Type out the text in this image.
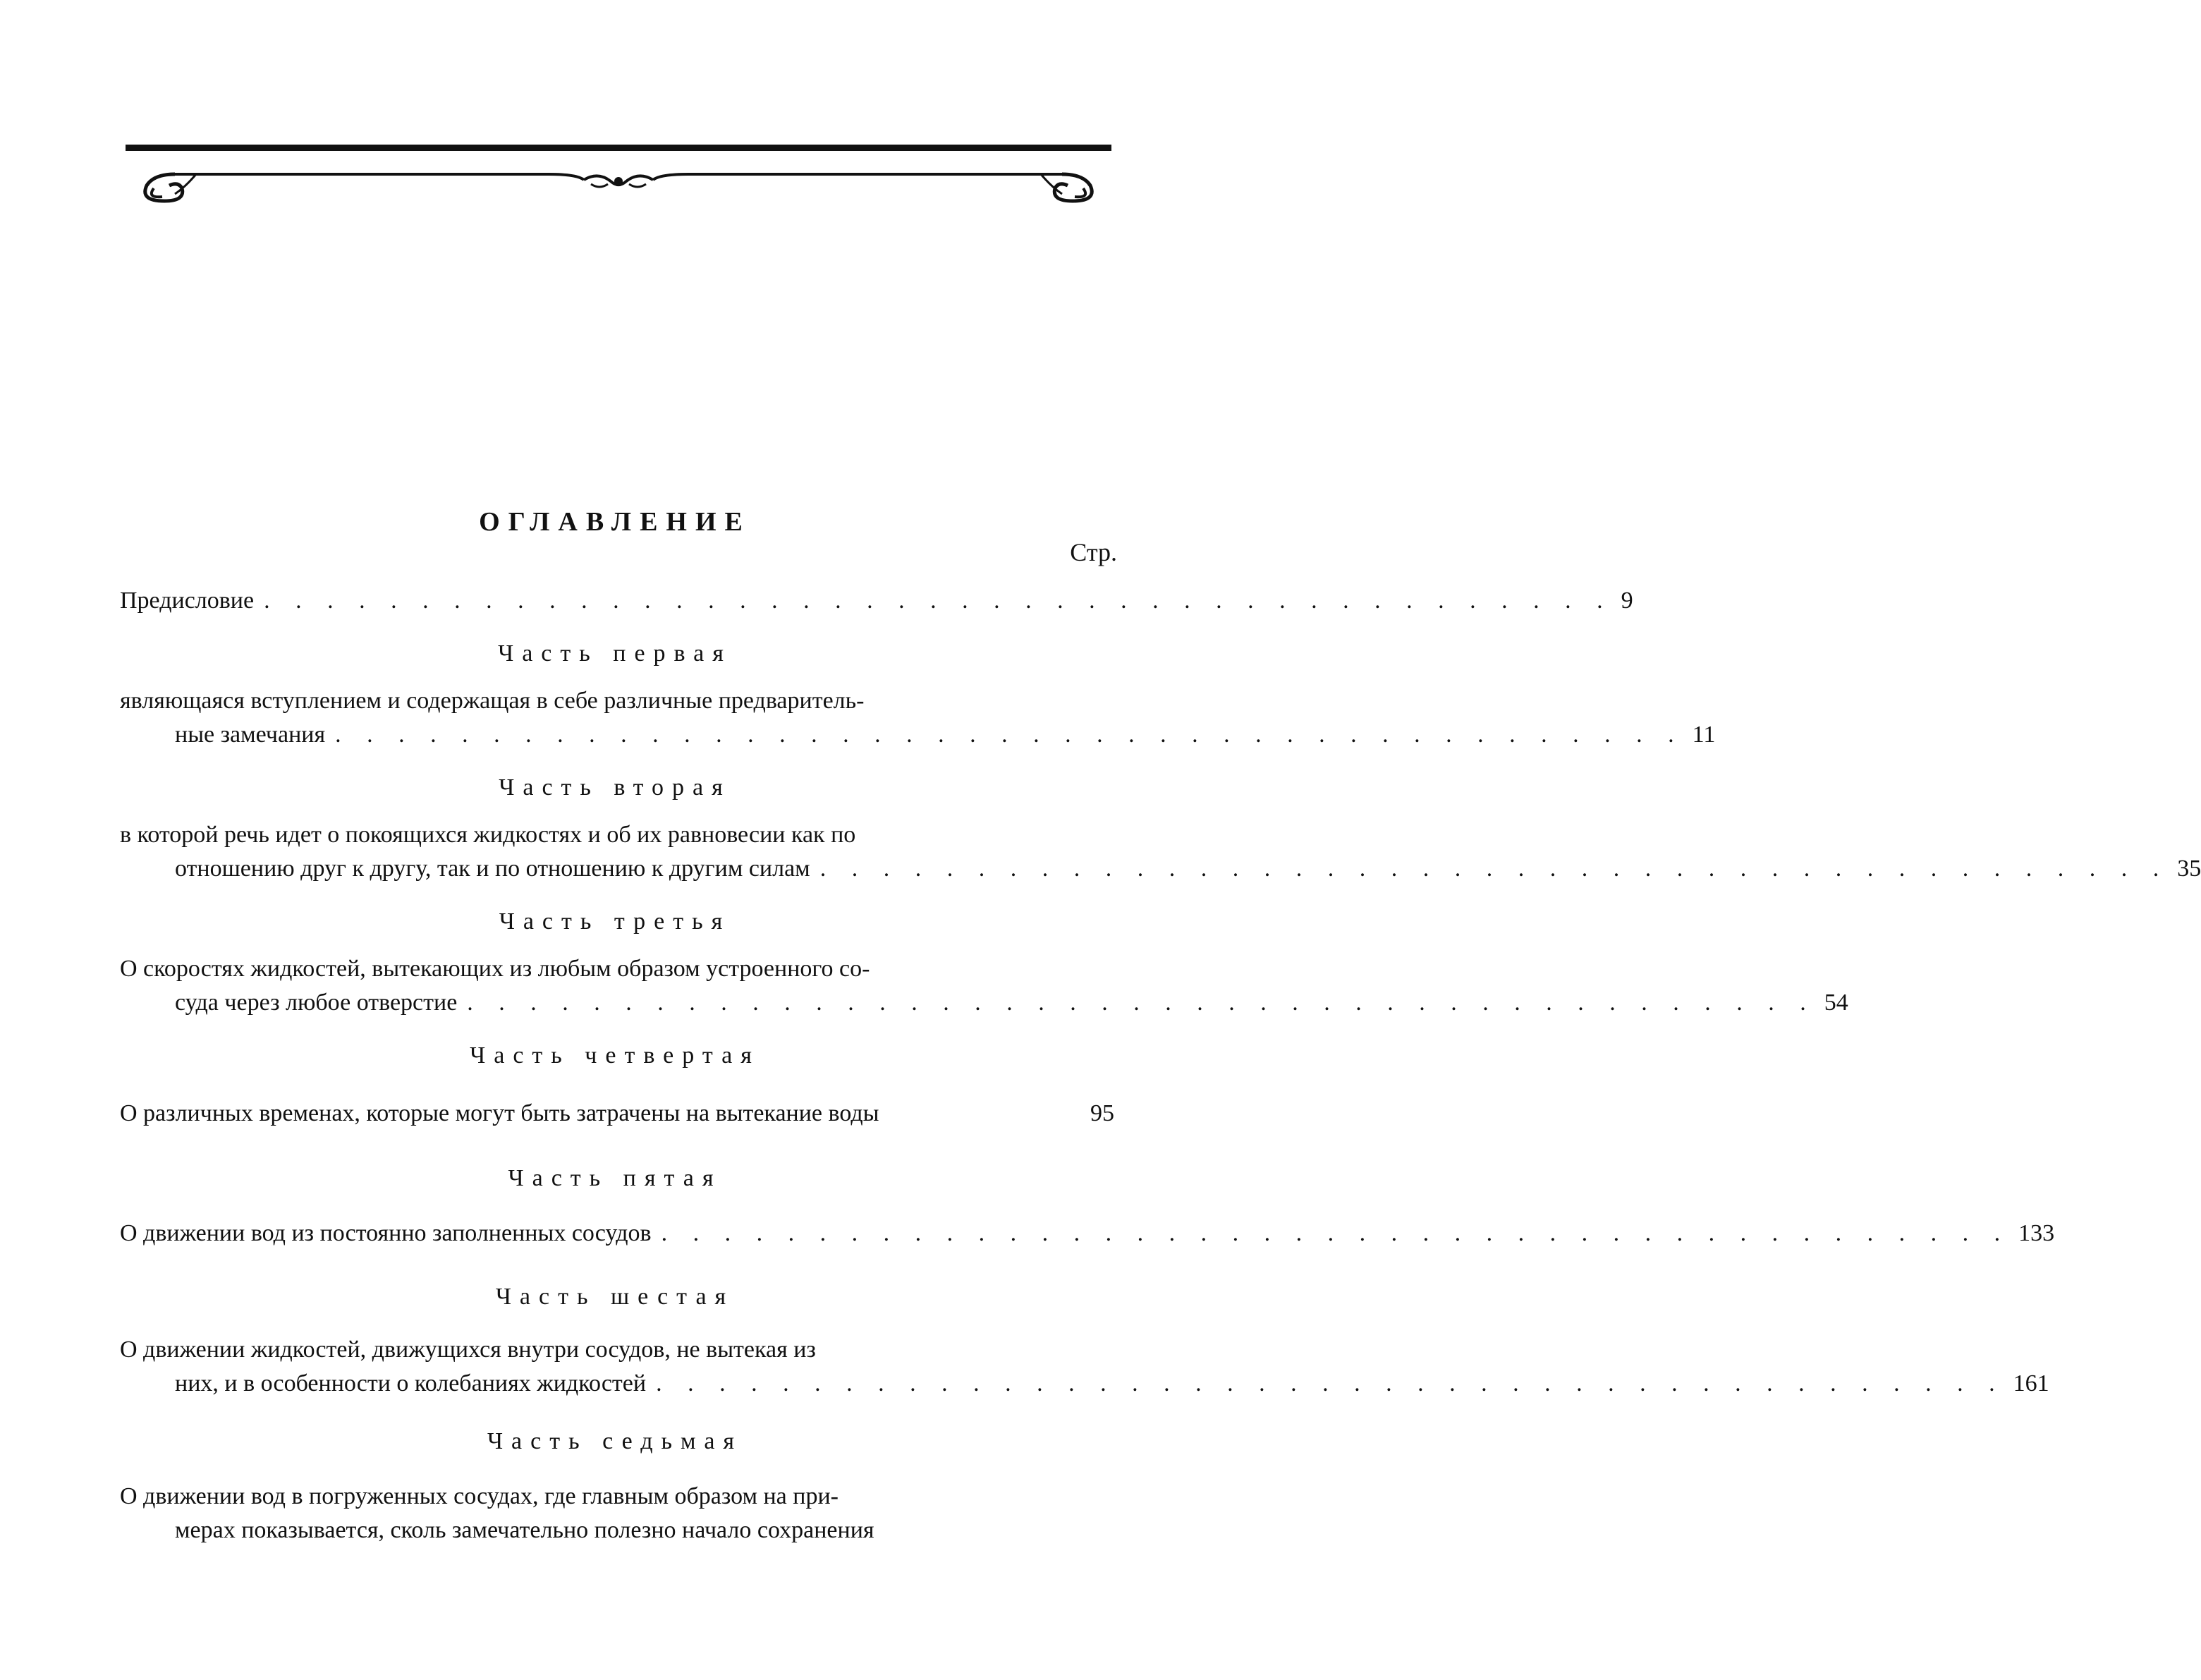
ОГЛАВЛЕНИЕ
Стр.
Предисловие . . . . . . . . . . . . . . . . . . . . . . . . . . . . . . . . . . . . . . . . . . . 9
Часть первая
являющаяся вступлением и содержащая в себе различные предваритель-
ные замечания . . . . . . . . . . . . . . . . . . . . . . . . . . . . . . . . . . . . . . . . . . . 11
Часть вторая
в которой речь идет о покоящихся жидкостях и об их равновесии как по
отношению друг к другу, так и по отношению к другим силам . . . . . . . . . . . . . . . . . . . . . . . . . . . . . . . . . . . . . . . . . . . 35
Часть третья
О скоростях жидкостей, вытекающих из любым образом устроенного со-
суда через любое отверстие . . . . . . . . . . . . . . . . . . . . . . . . . . . . . . . . . . . . . . . . . . . 54
Часть четвертая
О различных временах, которые могут быть затрачены на вытекание воды	95
Часть пятая
О движении вод из постоянно заполненных сосудов . . . . . . . . . . . . . . . . . . . . . . . . . . . . . . . . . . . . . . . . . . . 133
Часть шестая
О движении жидкостей, движущихся внутри сосудов, не вытекая из
них, и в особенности о колебаниях жидкостей . . . . . . . . . . . . . . . . . . . . . . . . . . . . . . . . . . . . . . . . . . . 161
Часть седьмая
О движении вод в погруженных сосудах, где главным образом на при-
мерах показывается, сколь замечательно полезно начало сохранения
